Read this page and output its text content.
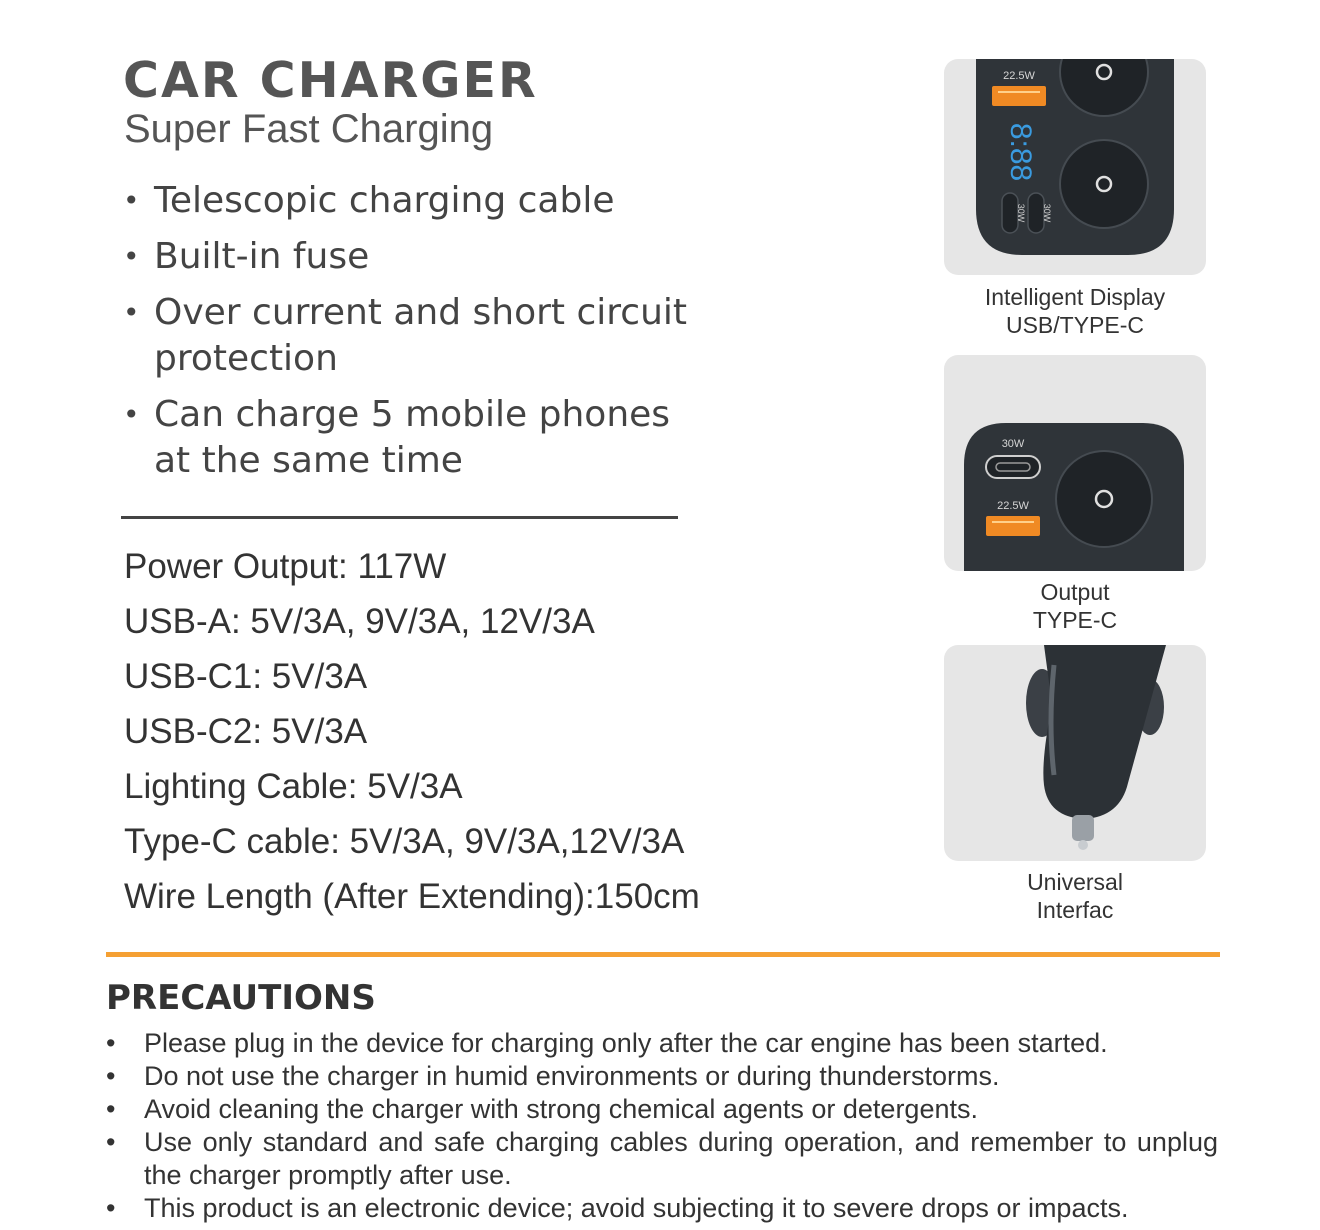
CAR CHARGER
Super Fast Charging
• Telescopic charging cable
• Built-in fuse
• Over current and short circuit protection
• Can charge 5 mobile phones at the same time
Power Output: 117W
USB-A: 5V/3A, 9V/3A, 12V/3A
USB-C1: 5V/3A
USB-C2: 5V/3A
Lighting Cable: 5V/3A
Type-C cable: 5V/3A, 9V/3A,12V/3A
Wire Length (After Extending):150cm
22.5W
8:88
30W 30W
Intelligent Display
USB/TYPE-C
30W
22.5W
Output
TYPE-C
Universal
Interfac
PRECAUTIONS
• Please plug in the device for charging only after the car engine has been started.
• Do not use the charger in humid environments or during thunderstorms.
• Avoid cleaning the charger with strong chemical agents or detergents.
• Use only standard and safe charging cables during operation, and remember to unplug the charger promptly after use.
• This product is an electronic device; avoid subjecting it to severe drops or impacts.
